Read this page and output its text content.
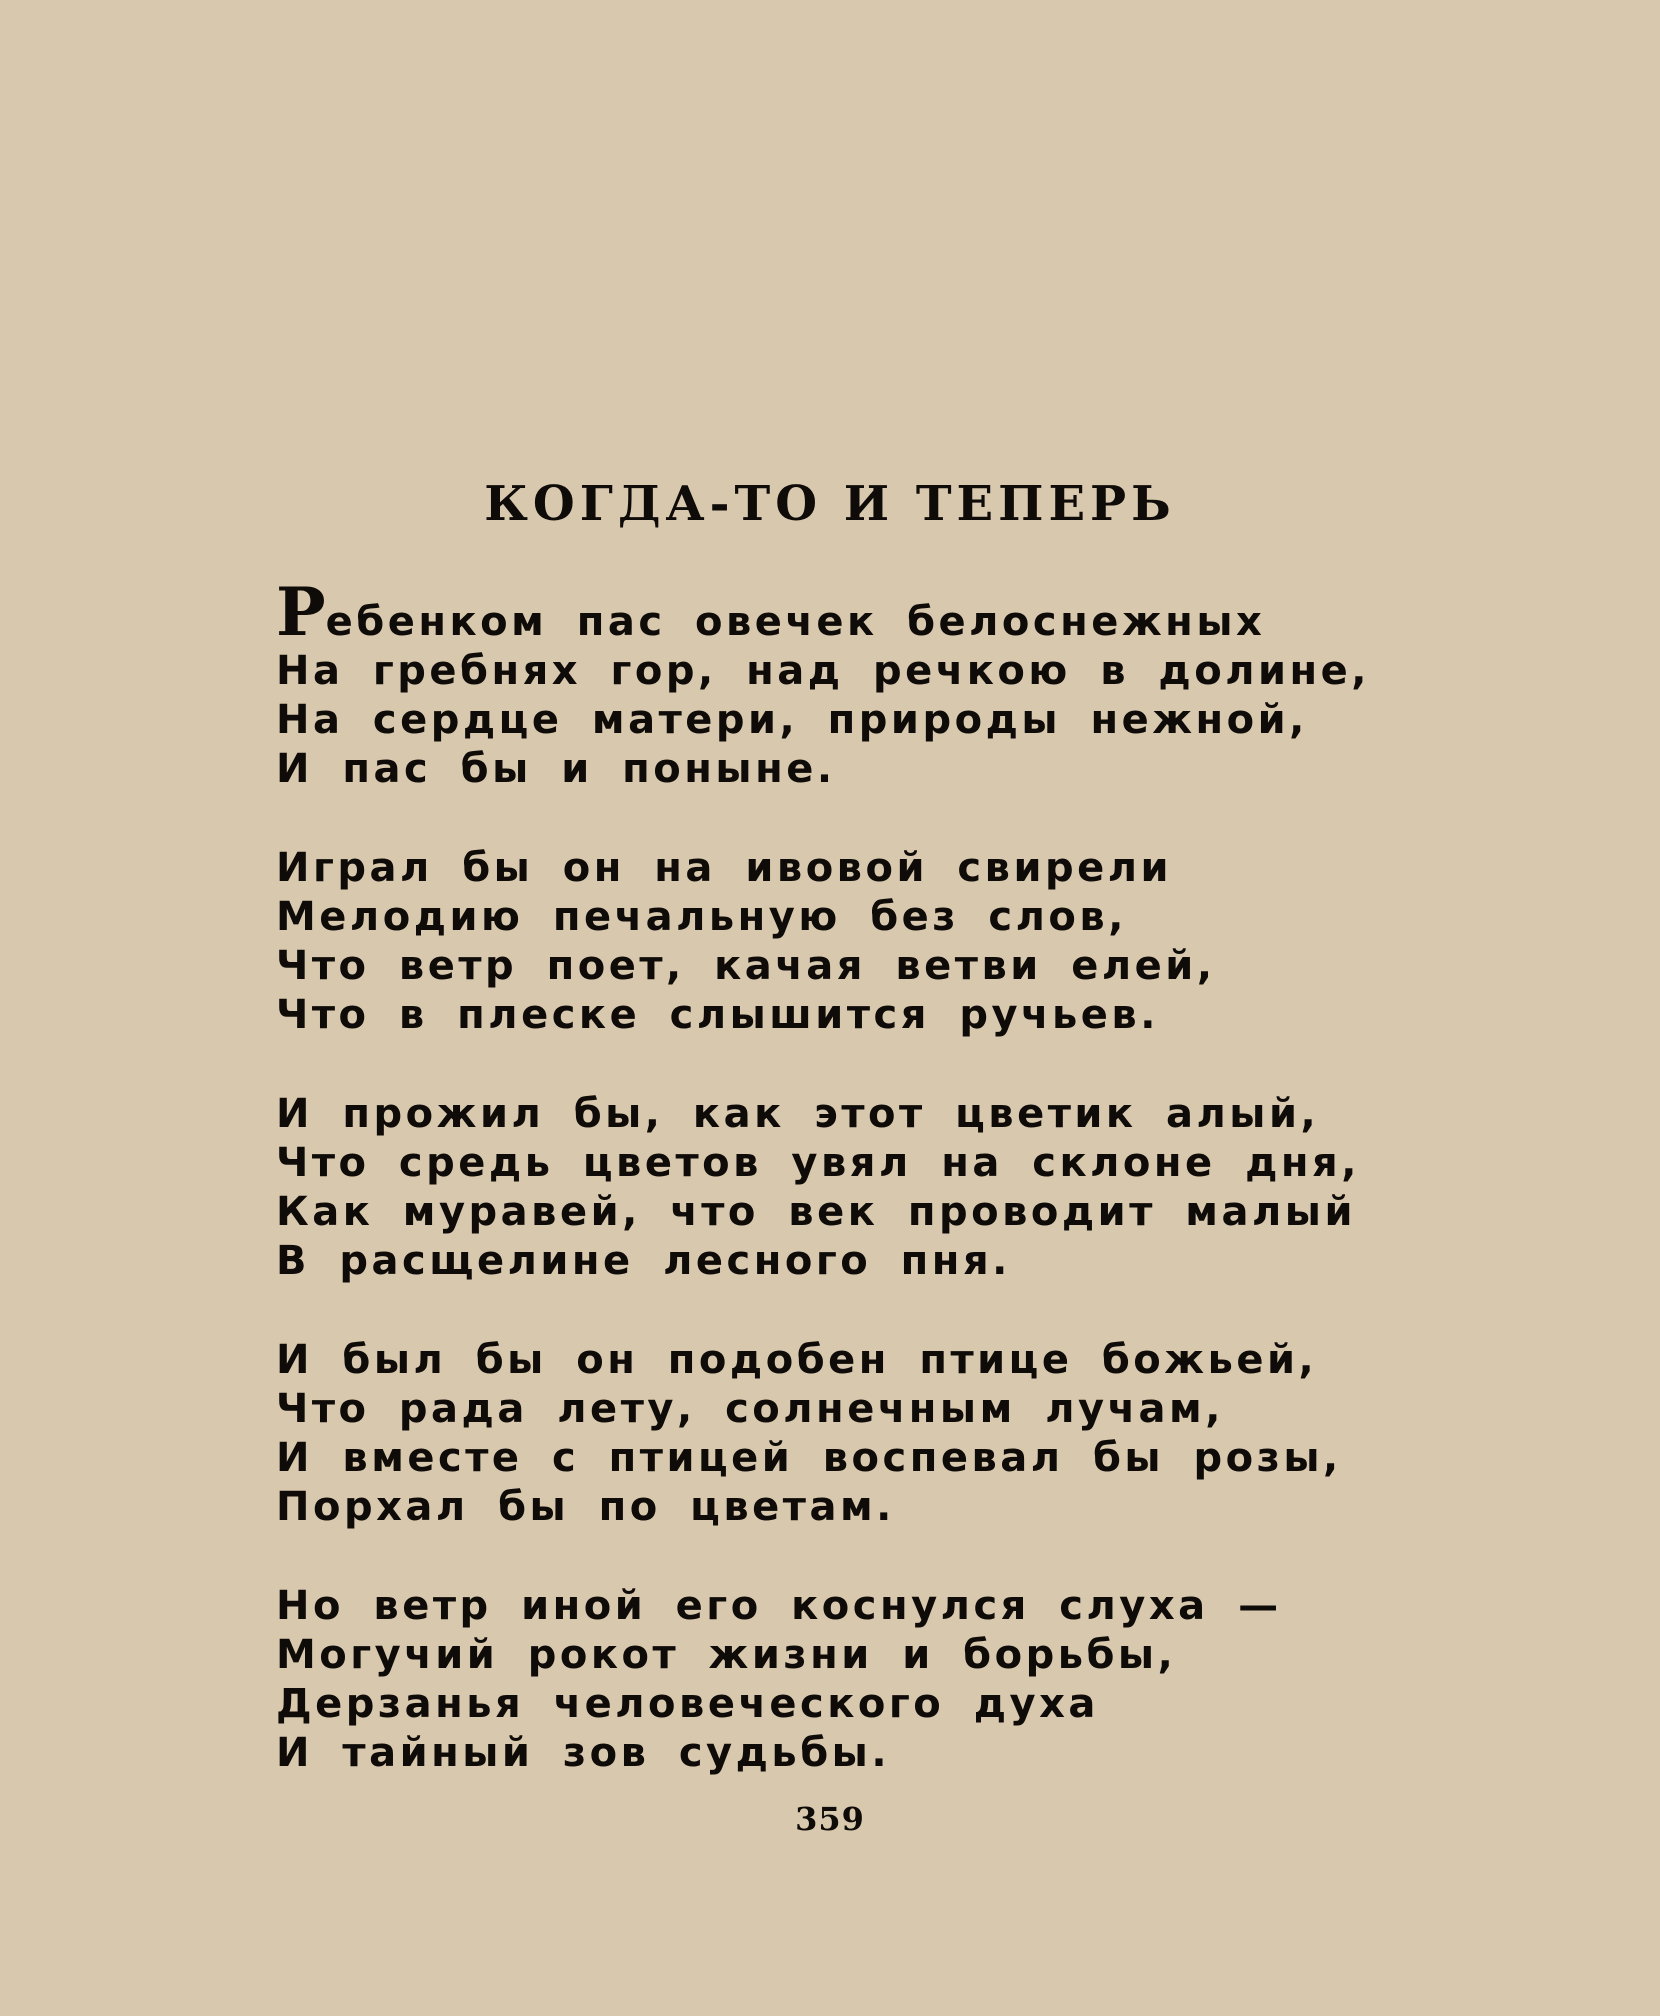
КОГДА-ТО И ТЕПЕРЬ
Ребенком пас овечек белоснежных
На гребнях гор, над речкою в долине,
На сердце матери, природы нежной,
И пас бы и поныне.
Играл бы он на ивовой свирели
Мелодию печальную без слов,
Что ветр поет, качая ветви елей,
Что в плеске слышится ручьев.
И прожил бы, как этот цветик алый,
Что средь цветов увял на склоне дня,
Как муравей, что век проводит малый
В расщелине лесного пня.
И был бы он подобен птице божьей,
Что рада лету, солнечным лучам,
И вместе с птицей воспевал бы розы,
Порхал бы по цветам.
Но ветр иной его коснулся слуха —
Могучий рокот жизни и борьбы,
Дерзанья человеческого духа
И тайный зов судьбы.
359
